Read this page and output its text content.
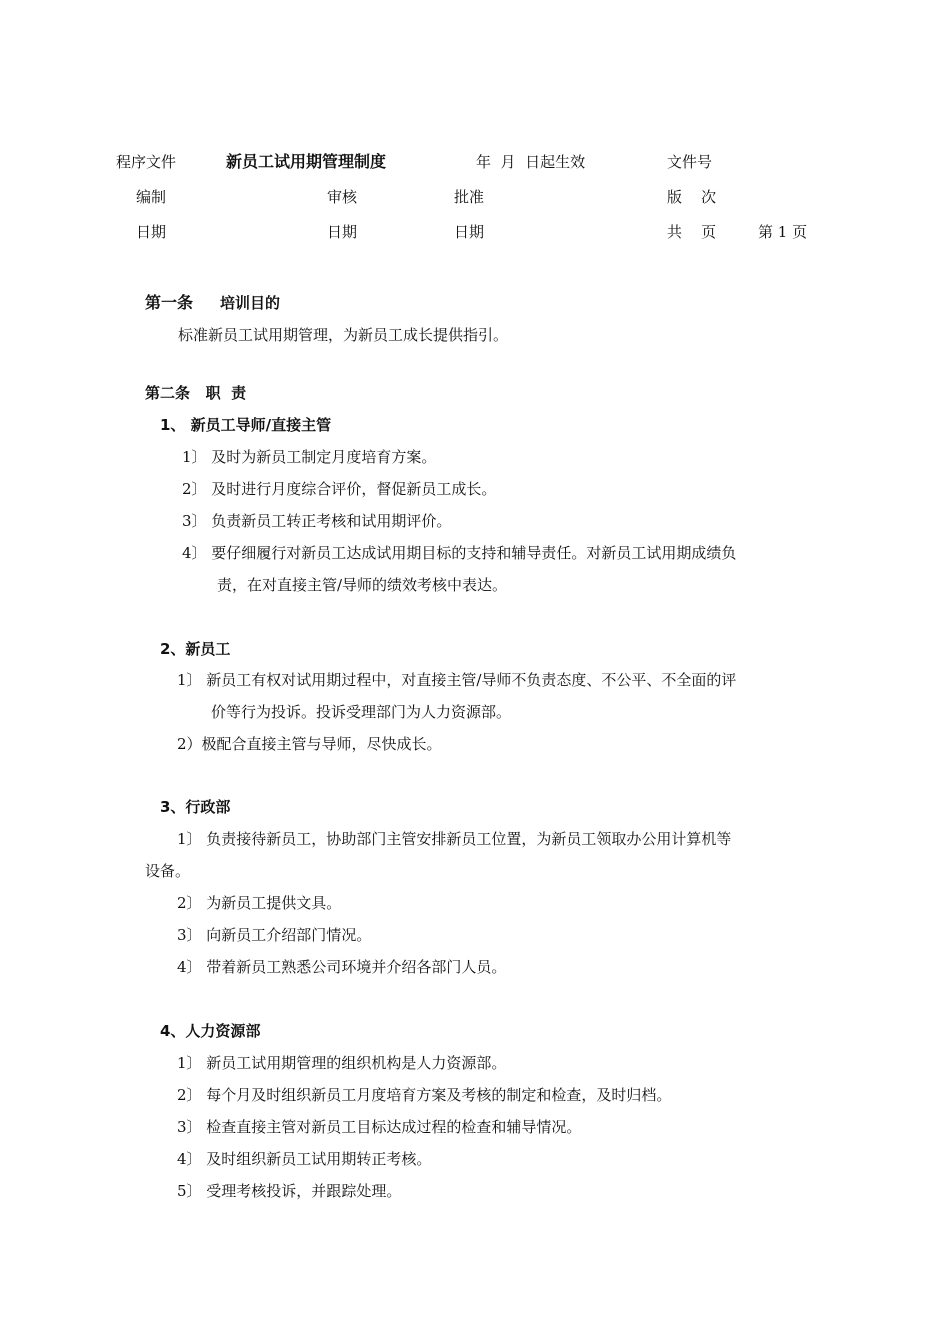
程序文件	新员工试用期管理制度	年  月  日起生效	文件号
编制	审核	批准	版    次
日期	日期	日期	共    页	第 1 页
第一条 培训目的
标准新员工试用期管理，为新员工成长提供指引。
第二条   职  责
1、 新员工导师/直接主管
1〕 及时为新员工制定月度培育方案。
2〕 及时进行月度综合评价，督促新员工成长。
3〕 负责新员工转正考核和试用期评价。
4〕 要仔细履行对新员工达成试用期目标的支持和辅导责任。对新员工试用期成绩负
责，在对直接主管/导师的绩效考核中表达。
2、新员工
1〕 新员工有权对试用期过程中，对直接主管/导师不负责态度、不公平、不全面的评
价等行为投诉。投诉受理部门为人力资源部。
2）极配合直接主管与导师，尽快成长。
3、行政部
1〕 负责接待新员工，协助部门主管安排新员工位置，为新员工领取办公用计算机等
设备。
2〕 为新员工提供文具。
3〕 向新员工介绍部门情况。
4〕 带着新员工熟悉公司环境并介绍各部门人员。
4、人力资源部
1〕 新员工试用期管理的组织机构是人力资源部。
2〕 每个月及时组织新员工月度培育方案及考核的制定和检查，及时归档。
3〕 检查直接主管对新员工目标达成过程的检查和辅导情况。
4〕 及时组织新员工试用期转正考核。
5〕 受理考核投诉，并跟踪处理。
